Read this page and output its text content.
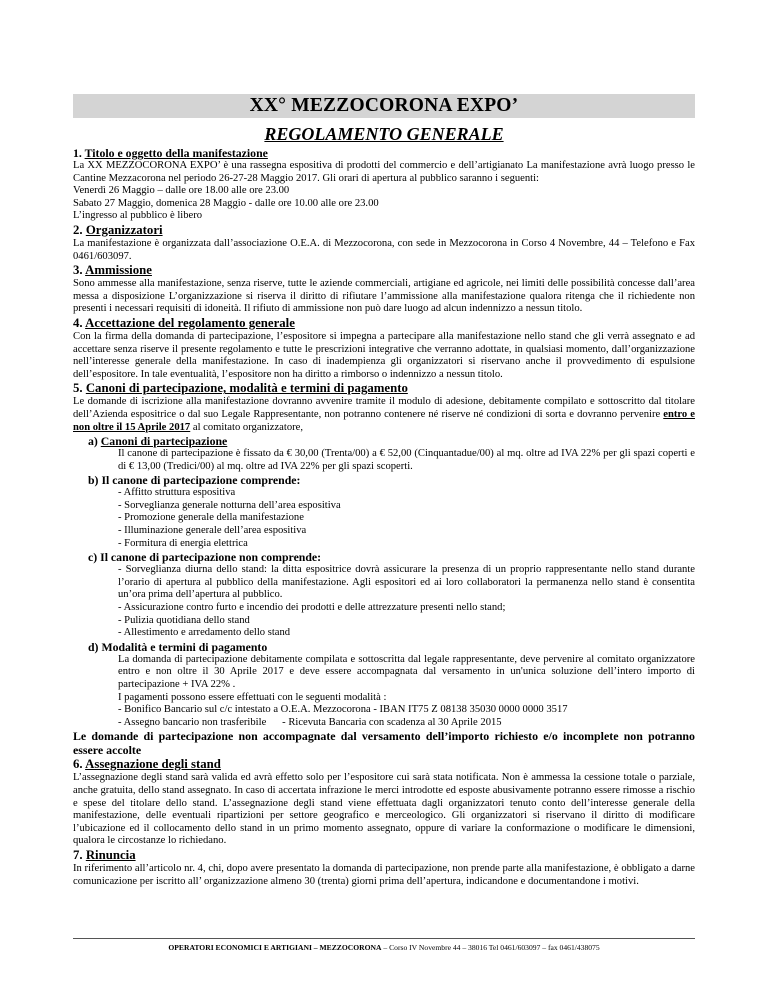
XX° MEZZOCORONA EXPO’
REGOLAMENTO GENERALE
1. Titolo e oggetto della manifestazione

La XX MEZZOCORONA EXPO’ è una rassegna espositiva di prodotti del commercio e dell’artigianato La manifestazione avrà luogo presso le Cantine Mezzacorona nel periodo 26-27-28 Maggio 2017. Gli orari di apertura al pubblico saranno i seguenti:

Venerdì 26 Maggio – dalle ore 18.00 alle ore 23.00

Sabato 27 Maggio, domenica 28 Maggio - dalle ore 10.00 alle ore 23.00

L’ingresso al pubblico è libero

2. Organizzatori

La manifestazione è organizzata dall’associazione O.E.A. di Mezzocorona, con sede in Mezzocorona in Corso 4 Novembre, 44 – Telefono e Fax 0461/603097.

3. Ammissione

Sono ammesse alla manifestazione, senza riserve, tutte le aziende commerciali, artigiane ed agricole, nei limiti delle possibilità concesse dall’area messa a disposizione L’organizzazione si riserva il diritto di rifiutare l’ammissione alla manifestazione qualora ritenga che il richiedente non presenti i necessari requisiti di idoneità. Il rifiuto di ammissione non può dare luogo ad alcun indennizzo a nessun titolo.

4. Accettazione del regolamento generale

Con la firma della domanda di partecipazione, l’espositore si impegna a partecipare alla manifestazione nello stand che gli verrà assegnato e ad accettare senza riserve il presente regolamento e tutte le prescrizioni integrative che verranno adottate, in qualsiasi momento, dall’organizzazione nell’interesse generale della manifestazione. In caso di inadempienza gli organizzatori si riservano anche il provvedimento di espulsione dell’espositore. In tale eventualità, l’espositore non ha diritto a rimborso o indennizzo a nessun titolo.

5. Canoni di partecipazione, modalità e termini di pagamento

Le domande di iscrizione alla manifestazione dovranno avvenire tramite il modulo di adesione, debitamente compilato e sottoscritto dal titolare dell’Azienda espositrice o dal suo Legale Rappresentante, non potranno contenere né riserve né condizioni di sorta e dovranno pervenire entro e non oltre il 15 Aprile 2017 al comitato organizzatore,

a) Canoni di partecipazione

Il canone di partecipazione è fissato da € 30,00 (Trenta/00) a € 52,00 (Cinquantadue/00) al mq. oltre ad IVA 22% per gli spazi coperti e di € 13,00 (Tredici/00) al mq. oltre ad IVA 22% per gli spazi scoperti.

b) Il canone di partecipazione comprende:

- Affitto struttura espositiva

- Sorveglianza generale notturna dell’area espositiva

- Promozione generale della manifestazione

- Illuminazione generale dell’area espositiva

- Formitura di energia elettrica

c) Il canone di partecipazione non comprende:

- Sorveglianza diurna dello stand: la ditta espositrice dovrà assicurare la presenza di un proprio rappresentante nello stand durante l’orario di apertura al pubblico della manifestazione. Agli espositori ed ai loro collaboratori la permanenza nello stand è consentita un’ora prima dell’apertura al pubblico.

- Assicurazione contro furto e incendio dei prodotti e delle attrezzature presenti nello stand;

- Pulizia quotidiana dello stand

- Allestimento e arredamento dello stand

d) Modalità e termini di pagamento

La domanda di partecipazione debitamente compilata e sottoscritta dal legale rappresentante, deve pervenire al comitato organizzatore entro e non oltre il 30 Aprile 2017 e deve essere accompagnata dal versamento in un'unica soluzione dell’intero importo di partecipazione + IVA 22% .

I pagamenti possono essere effettuati con le seguenti modalità :

- Bonifico Bancario sul c/c intestato a O.E.A. Mezzocorona - IBAN IT75 Z 08138 35030 0000 0000 3517

- Assegno bancario non trasferibile      - Ricevuta Bancaria con scadenza al 30 Aprile 2015

Le domande di partecipazione non accompagnate dal versamento dell’importo richiesto e/o incomplete non potranno essere accolte

6. Assegnazione degli stand

L’assegnazione degli stand sarà valida ed avrà effetto solo per l’espositore cui sarà stata notificata. Non è ammessa la cessione totale o parziale, anche gratuita, dello stand assegnato. In caso di accertata infrazione le merci introdotte ed esposte abusivamente potranno essere rimosse a rischio e spese del titolare dello stand. L’assegnazione degli stand viene effettuata dagli organizzatori tenuto conto dell’interesse generale della manifestazione, delle eventuali ripartizioni per settore geografico e merceologico. Gli organizzatori si riservano il diritto di modificare l’ubicazione ed il collocamento dello stand in un primo momento assegnato, oppure di variare la conformazione o modificare le dimensioni, qualora le circostanze lo richiedano.

7. Rinuncia

In riferimento all’articolo nr. 4, chi, dopo avere presentato la domanda di partecipazione, non prende parte alla manifestazione, è obbligato a darne comunicazione per iscritto all’ organizzazione almeno 30 (trenta) giorni prima dell’apertura, indicandone e documentandone i motivi.

OPERATORI ECONOMICI E ARTIGIANI – MEZZOCORONA – Corso IV Novembre 44 – 38016 Tel 0461/603097 – fax 0461/438075
